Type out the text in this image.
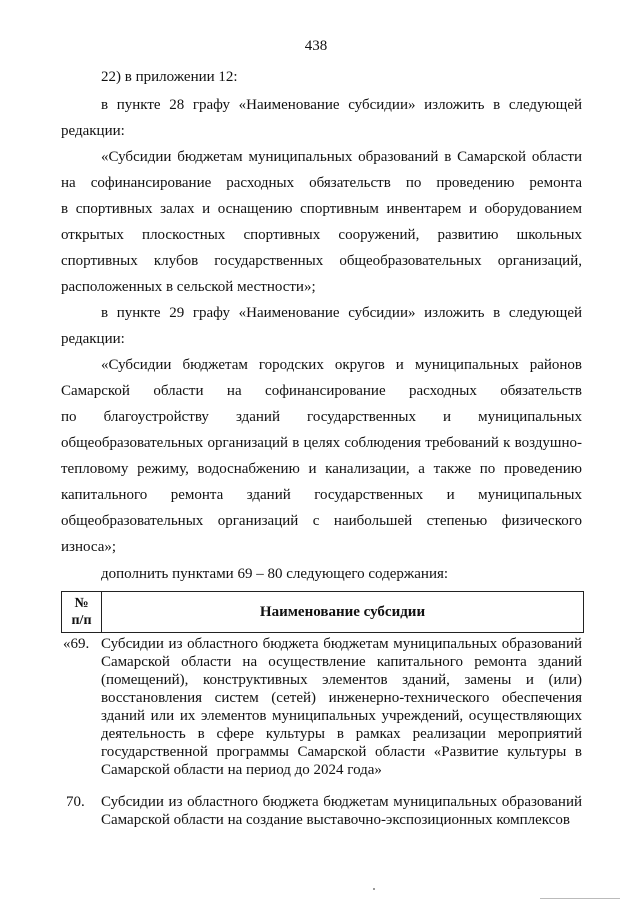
438
22) в приложении 12:
в пункте 28 графу «Наименование субсидии» изложить в следующей
редакции:
«Субсидии бюджетам муниципальных образований в Самарской области
на софинансирование расходных обязательств по проведению ремонта
в спортивных залах и оснащению спортивным инвентарем и оборудованием
открытых плоскостных спортивных сооружений, развитию школьных
спортивных клубов государственных общеобразовательных организаций,
расположенных в сельской местности»;
в пункте 29 графу «Наименование субсидии» изложить в следующей
редакции:
«Субсидии бюджетам городских округов и муниципальных районов
Самарской области на софинансирование расходных обязательств
по благоустройству зданий государственных и муниципальных
общеобразовательных организаций в целях соблюдения требований к воздушно-
тепловому режиму, водоснабжению и канализации, а также по проведению
капитального ремонта зданий государственных и муниципальных
общеобразовательных организаций с наибольшей степенью физического
износа»;
дополнить пунктами 69 – 80 следующего содержания:
№
п/п
Наименование субсидии
«69. Субсидии из областного бюджета бюджетам муниципальных образований
Самарской области на осуществление капитального ремонта зданий
(помещений), конструктивных элементов зданий, замены и (или)
восстановления систем (сетей) инженерно-технического обеспечения
зданий или их элементов муниципальных учреждений, осуществляющих
деятельность в сфере культуры в рамках реализации мероприятий
государственной программы Самарской области «Развитие культуры в
Самарской области на период до 2024 года»
70. Субсидии из областного бюджета бюджетам муниципальных образований
Самарской области на создание выставочно-экспозиционных комплексов
